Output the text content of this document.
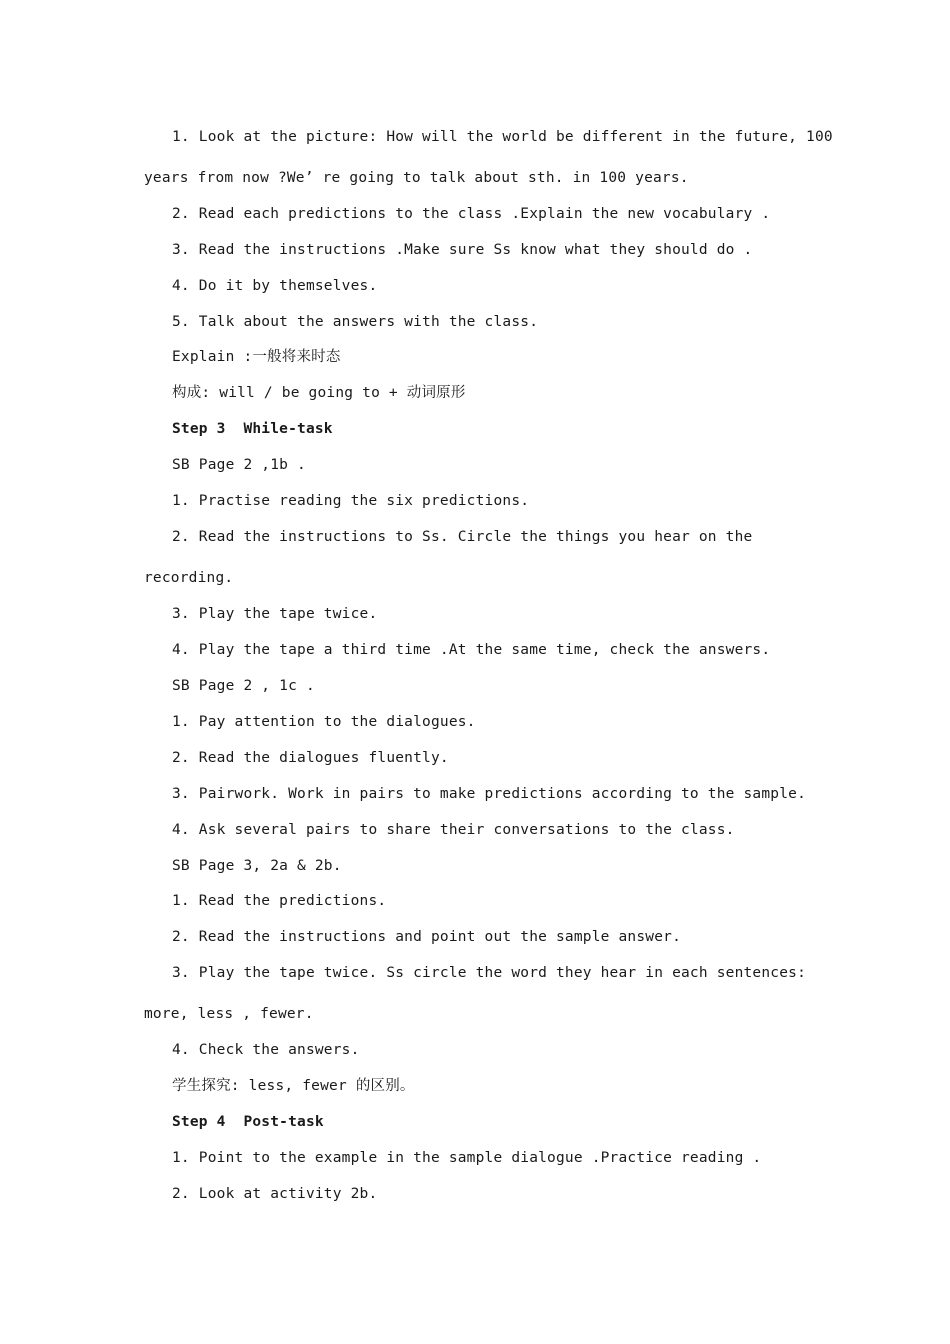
1. Look at the picture: How will the world be different in the future, 100

years from now ?We’ re going to talk about sth. in 100 years.

2. Read each predictions to the class .Explain the new vocabulary .

3. Read the instructions .Make sure Ss know what they should do .

4. Do it by themselves.

5. Talk about the answers with the class.

Explain :一般将来时态

构成: will / be going to + 动词原形

Step 3  While-task

SB Page 2 ,1b .

1. Practise reading the six predictions.

2. Read the instructions to Ss. Circle the things you hear on the

recording.

3. Play the tape twice.

4. Play the tape a third time .At the same time, check the answers.

SB Page 2 , 1c .

1. Pay attention to the dialogues.

2. Read the dialogues fluently.

3. Pairwork. Work in pairs to make predictions according to the sample.

4. Ask several pairs to share their conversations to the class.

SB Page 3, 2a & 2b.

1. Read the predictions.

2. Read the instructions and point out the sample answer.

3. Play the tape twice. Ss circle the word they hear in each sentences:

more, less , fewer.

4. Check the answers.

学生探究: less, fewer 的区别。

Step 4  Post-task

1. Point to the example in the sample dialogue .Practice reading .

2. Look at activity 2b.
